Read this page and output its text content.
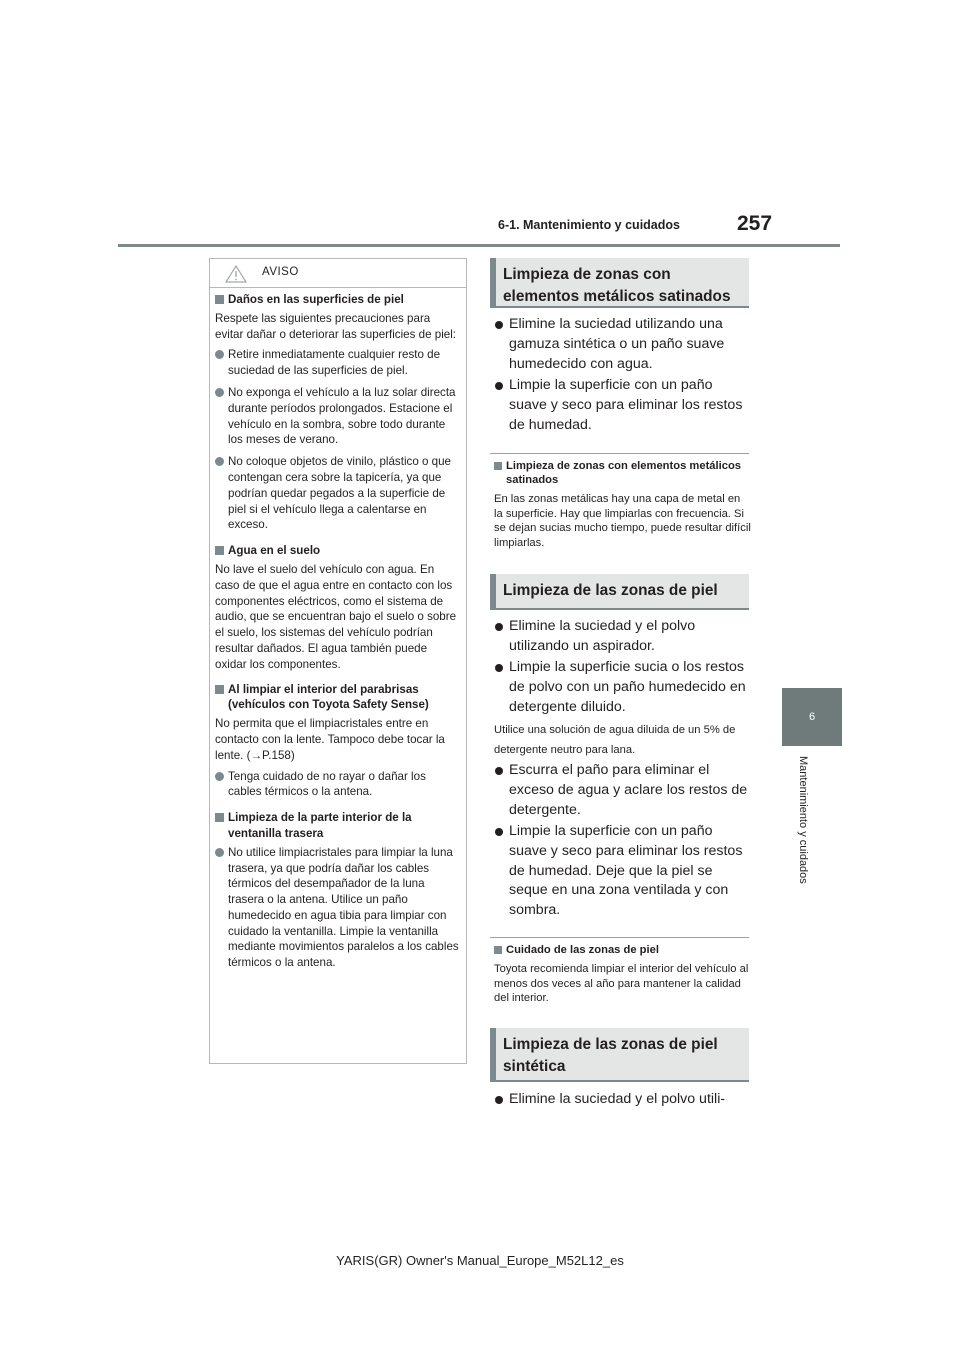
6-1. Mantenimiento y cuidados	257
6
Mantenimiento y cuidados
AVISO
Daños en las superficies de piel
Respete las siguientes precauciones para evitar dañar o deteriorar las superficies de piel:
Retire inmediatamente cualquier resto de suciedad de las superficies de piel.
No exponga el vehículo a la luz solar directa durante períodos prolongados. Estacione el vehículo en la sombra, sobre todo durante los meses de verano.
No coloque objetos de vinilo, plástico o que contengan cera sobre la tapicería, ya que podrían quedar pegados a la superficie de piel si el vehículo llega a calentarse en exceso.
Agua en el suelo
No lave el suelo del vehículo con agua. En caso de que el agua entre en contacto con los componentes eléctricos, como el sistema de audio, que se encuentran bajo el suelo o sobre el suelo, los sistemas del vehículo podrían resultar dañados. El agua también puede oxidar los componentes.
Al limpiar el interior del parabrisas (vehículos con Toyota Safety Sense)
No permita que el limpiacristales entre en contacto con la lente. Tampoco debe tocar la lente. (→P.158)
Tenga cuidado de no rayar o dañar los cables térmicos o la antena.
Limpieza de la parte interior de la ventanilla trasera
No utilice limpiacristales para limpiar la luna trasera, ya que podría dañar los cables térmicos del desempañador de la luna trasera o la antena. Utilice un paño humedecido en agua tibia para limpiar con cuidado la ventanilla. Limpie la ventanilla mediante movimientos paralelos a los cables térmicos o la antena.
Limpieza de zonas con elementos metálicos satinados
Elimine la suciedad utilizando una gamuza sintética o un paño suave humedecido con agua.
Limpie la superficie con un paño suave y seco para eliminar los restos de humedad.
Limpieza de zonas con elementos metálicos satinados
En las zonas metálicas hay una capa de metal en la superficie. Hay que limpiarlas con frecuencia. Si se dejan sucias mucho tiempo, puede resultar difícil limpiarlas.
Limpieza de las zonas de piel
Elimine la suciedad y el polvo utilizando un aspirador.
Limpie la superficie sucia o los restos de polvo con un paño humedecido en detergente diluido.
Utilice una solución de agua diluida de un 5% de detergente neutro para lana.
Escurra el paño para eliminar el exceso de agua y aclare los restos de detergente.
Limpie la superficie con un paño suave y seco para eliminar los restos de humedad. Deje que la piel se seque en una zona ventilada y con sombra.
Cuidado de las zonas de piel
Toyota recomienda limpiar el interior del vehículo al menos dos veces al año para mantener la calidad del interior.
Limpieza de las zonas de piel sintética
Elimine la suciedad y el polvo utili-
YARIS(GR) Owner's Manual_Europe_M52L12_es
